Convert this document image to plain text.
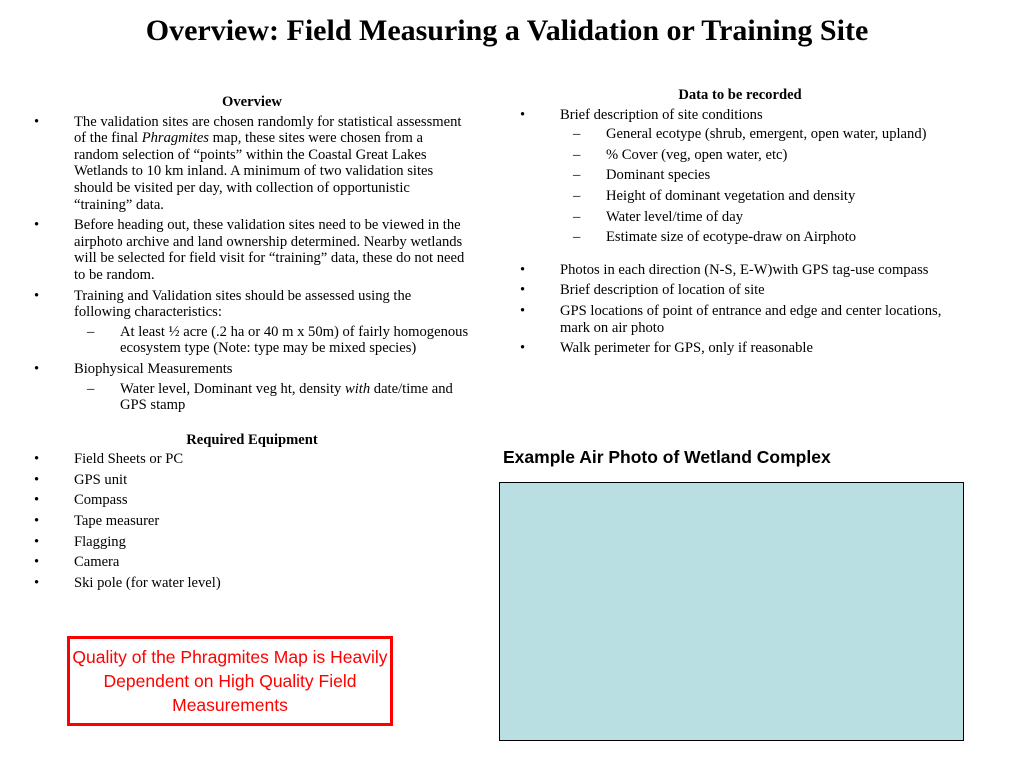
Overview: Field Measuring a Validation or Training Site
Overview
•	The validation sites are chosen randomly for statistical assessment of the final Phragmites map, these sites were chosen from a random selection of “points” within the Coastal Great Lakes Wetlands to 10 km inland. A minimum of two validation sites should be visited per day, with collection of opportunistic “training” data.
•	Before heading out, these validation sites need to be viewed in the airphoto archive and land ownership determined. Nearby wetlands will be selected for field visit for “training” data, these do not need to be random.
•	Training and Validation sites should be assessed using the following characteristics:
– At least ½ acre (.2 ha or 40 m x 50m) of fairly homogenous ecosystem type (Note: type may be mixed species)
•	Biophysical Measurements
– Water level, Dominant veg ht, density with date/time and GPS stamp
Required Equipment
•	Field Sheets or PC
•	GPS unit
•	Compass
•	Tape measurer
•	Flagging
•	Camera
•	Ski pole (for water level)
Quality of the Phragmites Map is Heavily Dependent on High Quality Field Measurements
Data to be recorded
•	Brief description of site conditions
– General ecotype (shrub, emergent, open water, upland)
– % Cover (veg, open water, etc)
– Dominant species
– Height of dominant vegetation and density
– Water level/time of day
– Estimate size of ecotype-draw on Airphoto
•	Photos in each direction (N-S, E-W)with GPS tag-use compass
•	Brief description of location of site
•	GPS locations of point of entrance and edge and center locations, mark on air photo
•	Walk perimeter for GPS, only if reasonable
Example Air Photo of Wetland Complex
